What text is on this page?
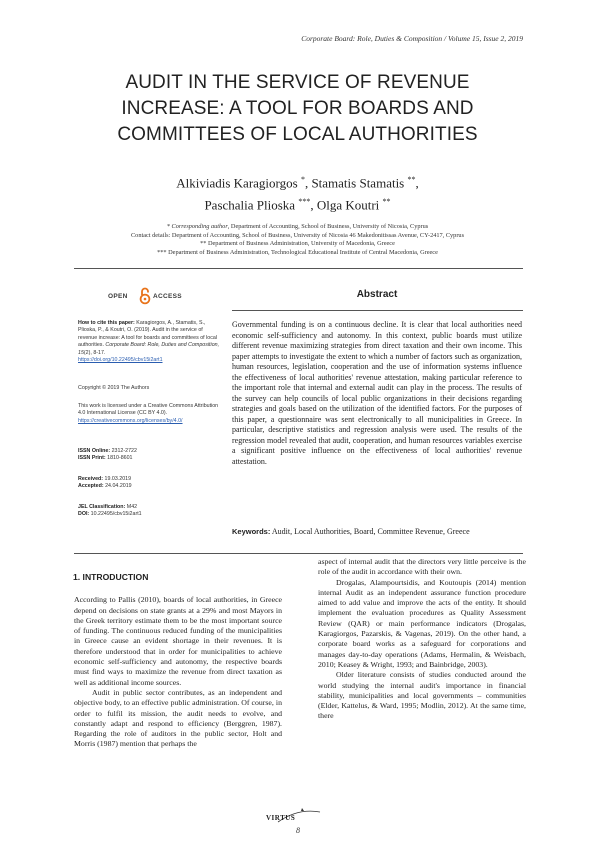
Corporate Board: Role, Duties & Composition / Volume 15, Issue 2, 2019
AUDIT IN THE SERVICE OF REVENUE
INCREASE: A TOOL FOR BOARDS AND
COMMITTEES OF LOCAL AUTHORITIES
Alkiviadis Karagiorgos *, Stamatis Stamatis **,
Paschalia Plioska ***, Olga Koutri **
* Corresponding author, Department of Accounting, School of Business, University of Nicosia, Cyprus
Contact details: Department of Accounting, School of Business, University of Nicosia 46 Makedonitissas Avenue, CY-2417, Cyprus
** Department of Business Administration, University of Macedonia, Greece
*** Department of Business Administration, Technological Educational Institute of Central Macedonia, Greece
OPEN	ACCESS	Abstract
Governmental funding is on a continuous decline. It is clear that local authorities need economic self-sufficiency and autonomy. In this context, public boards must utilize different revenue maximizing strategies from direct taxation and their own income. This paper attempts to investigate the extent to which a number of factors such as organization, human resources, legislation, cooperation and the use of information systems influence the effectiveness of local authorities' revenue attestation, making particular reference to the important role that internal and external audit can play in the process. The results of the survey can help councils of local public organizations in their decisions regarding strategies and goals based on the utilization of the identified factors. For the purposes of this paper, a questionnaire was sent electronically to all municipalities in Greece. In particular, descriptive statistics and regression analysis were used. The results of the regression model revealed that audit, cooperation, and human resources variables exercise a significant positive influence on the effectiveness of local authorities' revenue attestation.
Keywords: Audit, Local Authorities, Board, Committee Revenue, Greece
How to cite this paper: Karagiorgos, A., Stamatis, S., Plioska, P., & Koutri, O. (2019). Audit in the service of revenue increase: A tool for boards and committees of local authorities. Corporate Board: Role, Duties and Composition, 15(2), 8-17.
https://doi.org/10.22495/cbv15i2art1
Copyright © 2019 The Authors
This work is licensed under a Creative Commons Attribution 4.0 International License (CC BY 4.0).
https://creativecommons.org/licenses/by/4.0/
ISSN Online: 2312-2722
ISSN Print: 1810-8601
Received: 19.03.2019
Accepted: 24.04.2019
JEL Classification: M42
DOI: 10.22495/cbv15i2art1
1. INTRODUCTION

According to Pallis (2010), boards of local authorities, in Greece depend on decisions on state grants at a 29% and most Mayors in the Greek territory estimate them to be the most important source of funding. The continuous reduced funding of the municipalities in Greece cause an evident shortage in their revenues. It is therefore understood that in order for municipalities to achieve economic self-sufficiency and autonomy, the respective boards must find ways to maximize the revenue from direct taxation as well as additional income sources.

Audit in public sector contributes, as an independent and objective body, to an effective public administration. Of course, in order to fulfil its mission, the audit needs to evolve, and constantly adapt and respond to efficiency (Berggren, 1987). Regarding the role of auditors in the public sector, Holt and Morris (1987) mention that perhaps the

aspect of internal audit that the directors very little perceive is the role of the audit in accordance with their own.

Drogalas, Alampourtsidis, and Koutoupis (2014) mention internal Audit as an independent assurance function procedure aimed to add value and improve the acts of the entity. It should implement the evaluation procedures as Quality Assessment Review (QAR) or main performance indicators (Drogalas, Karagiorgos, Pazarskis, & Vagenas, 2019). On the other hand, a corporate board works as a safeguard for corporations and manages day-to-day operations (Adams, Hermalin, & Weisbach, 2010; Keasey & Wright, 1993; and Bainbridge, 2003).

Older literature consists of studies conducted around the world studying the internal audit's importance in financial stability, municipalities and local governments – communities (Elder, Kattelus, & Ward, 1995; Modlin, 2012). At the same time, there

VIRTUS
8
